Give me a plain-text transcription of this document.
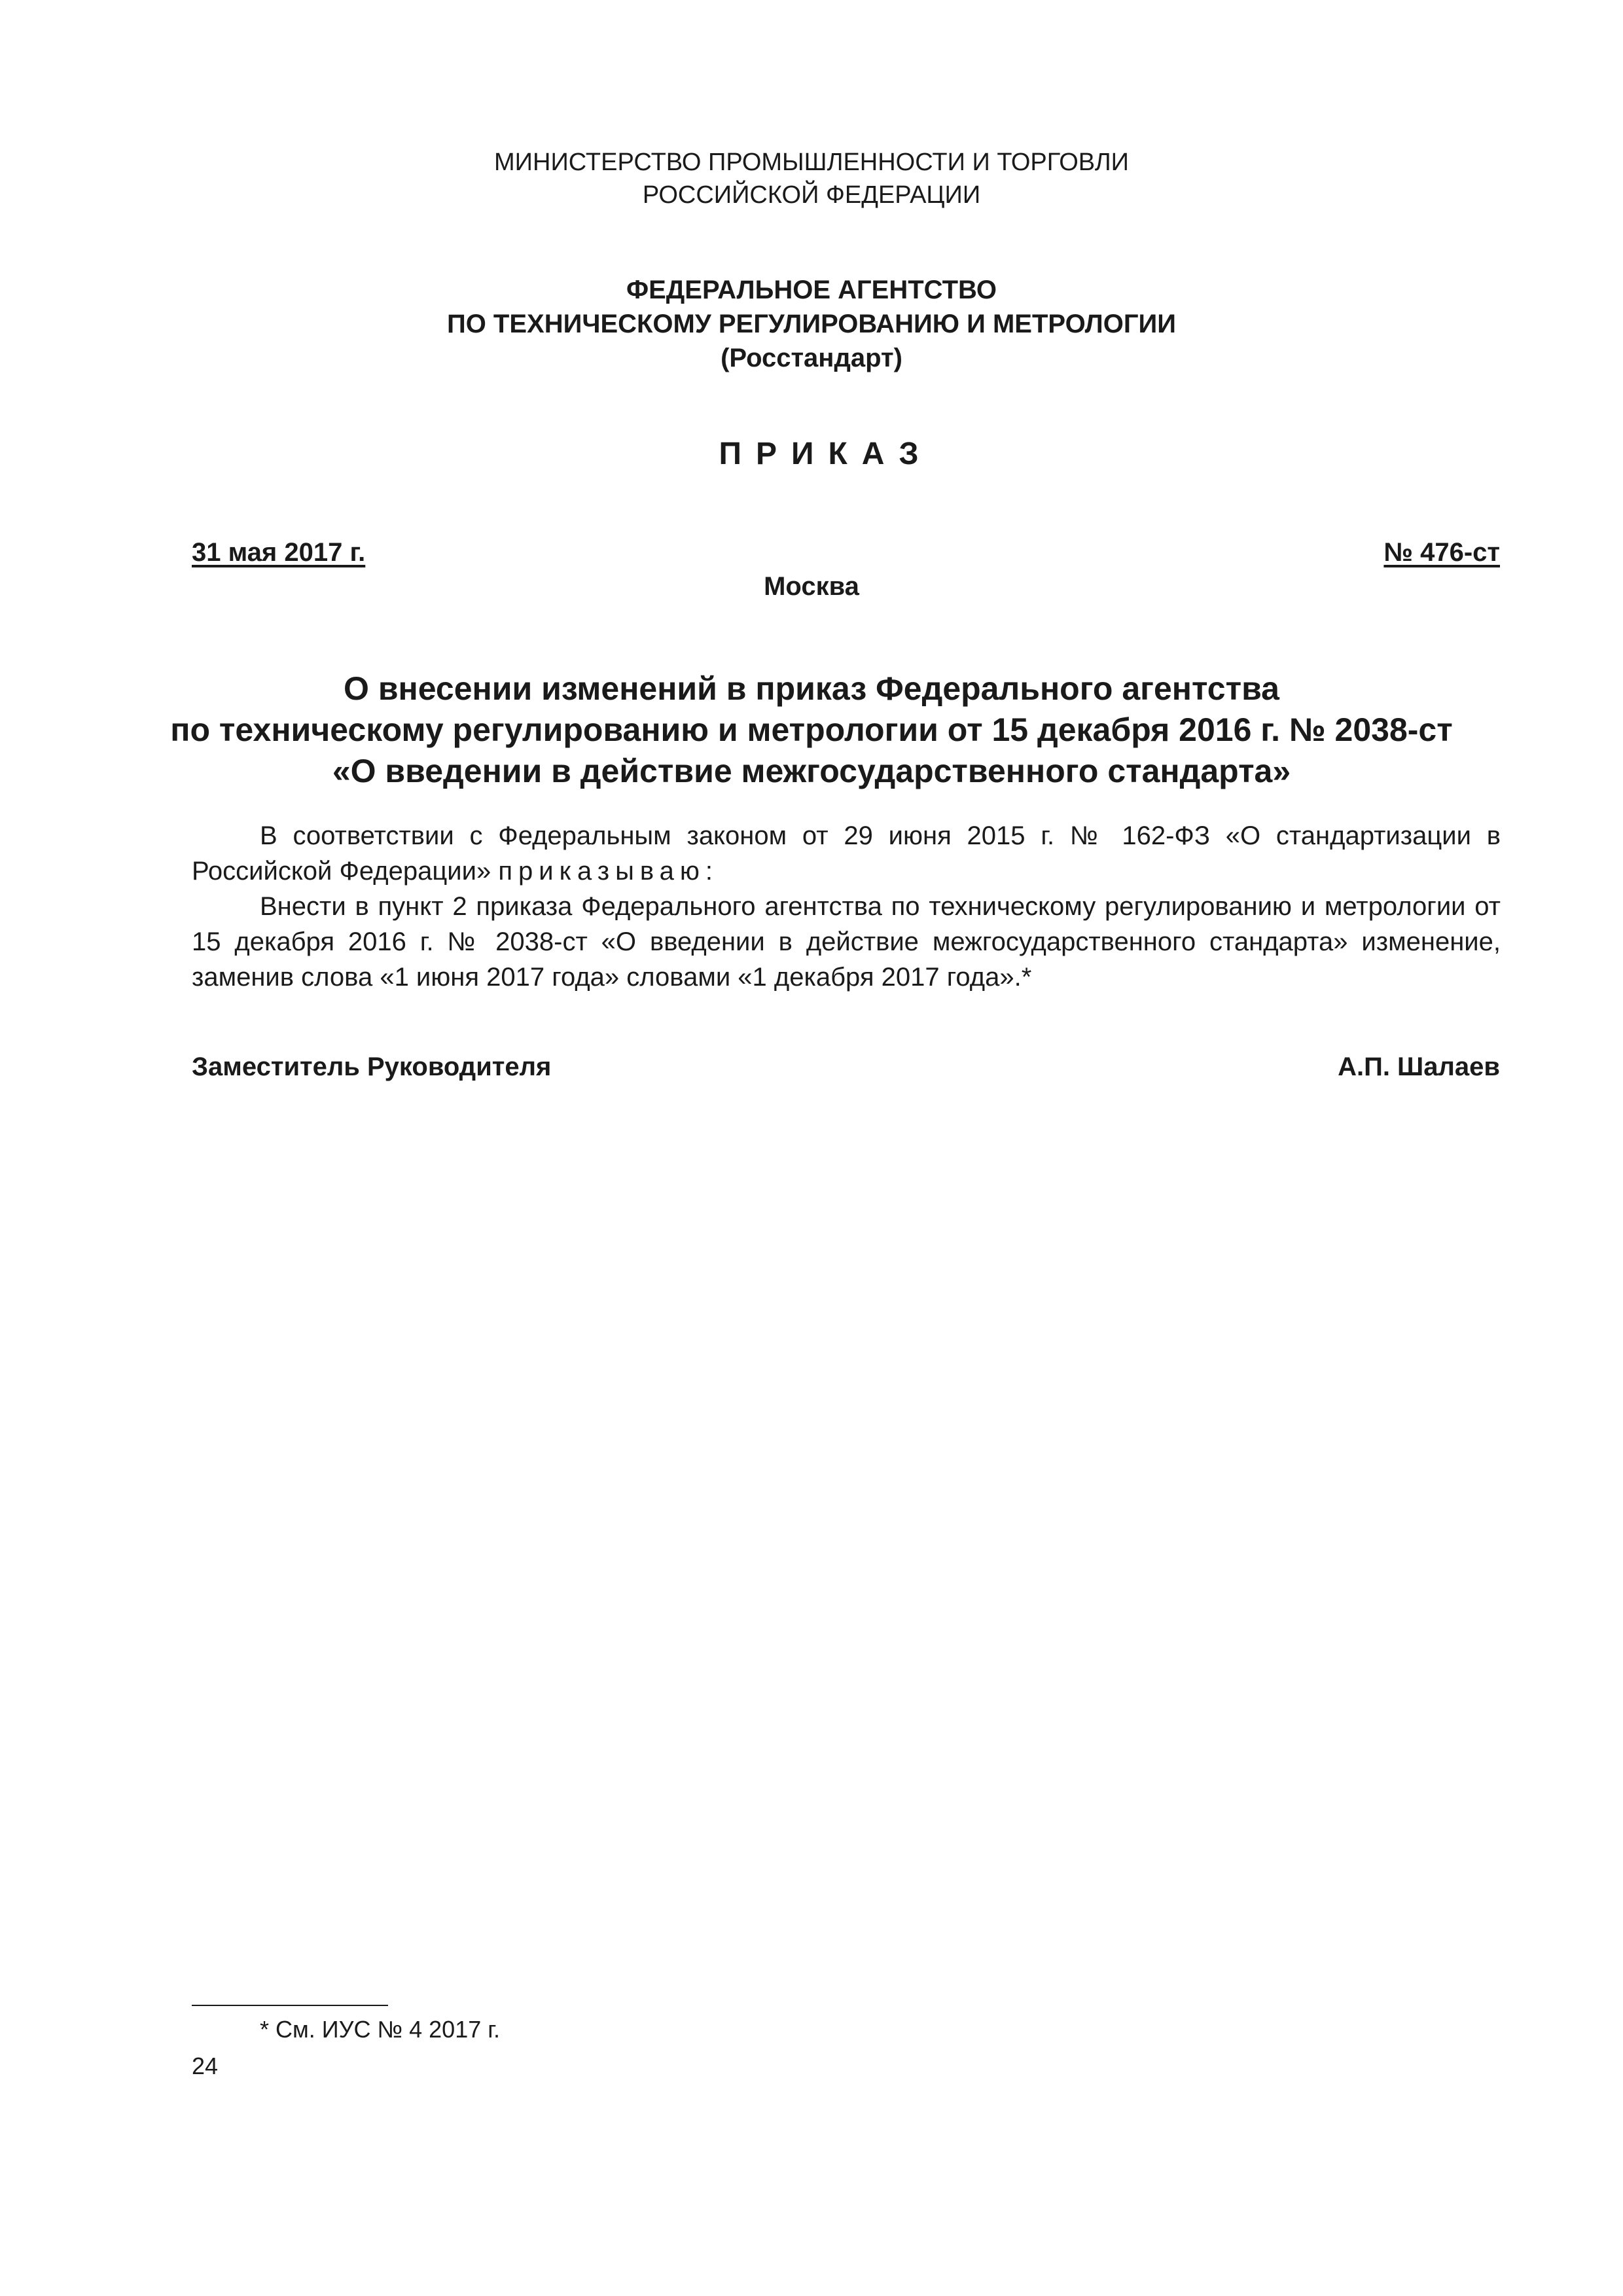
МИНИСТЕРСТВО ПРОМЫШЛЕННОСТИ И ТОРГОВЛИ
РОССИЙСКОЙ ФЕДЕРАЦИИ
ФЕДЕРАЛЬНОЕ АГЕНТСТВО
ПО ТЕХНИЧЕСКОМУ РЕГУЛИРОВАНИЮ И МЕТРОЛОГИИ
(Росстандарт)
ПРИКАЗ
31 мая 2017 г.	№ 476-ст
Москва
О внесении изменений в приказ Федерального агентства
по техническому регулированию и метрологии от 15 декабря 2016 г. № 2038-ст
«О введении в действие межгосударственного стандарта»

В соответствии с Федеральным законом от 29 июня 2015 г. № 162-ФЗ «О стандартизации в Российской Федерации» приказываю:

Внести в пункт 2 приказа Федерального агентства по техническому регулированию и метрологии от 15 декабря 2016 г. № 2038-ст «О введении в действие межгосударственного стандарта» изменение, заменив слова «1 июня 2017 года» словами «1 декабря 2017 года».*

Заместитель Руководителя	А.П. Шалаев
* См. ИУС № 4 2017 г.
24
